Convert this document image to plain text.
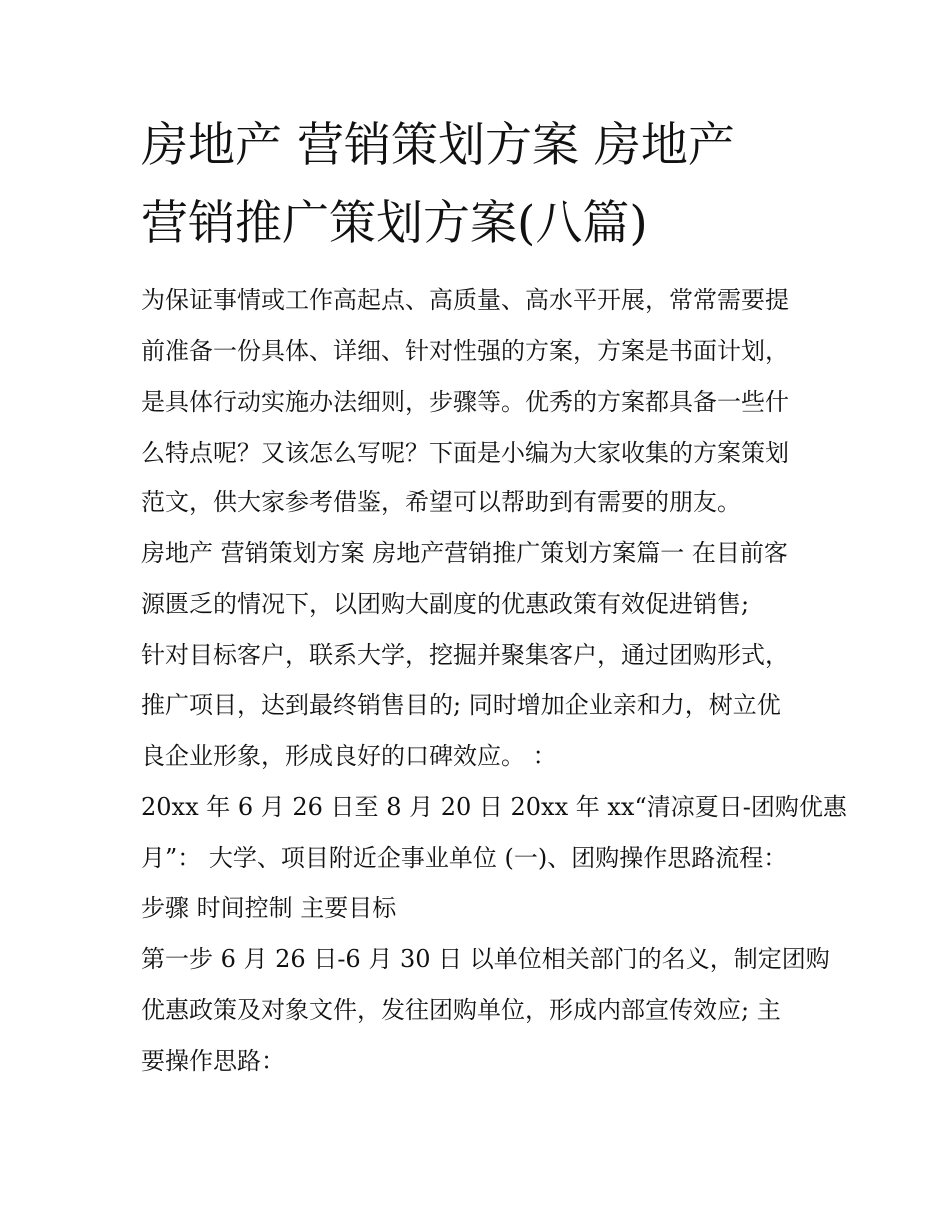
房地产 营销策划方案 房地产
营销推广策划方案(八篇)

为保证事情或工作高起点、高质量、高水平开展，常常需要提

前准备一份具体、详细、针对性强的方案，方案是书面计划，

是具体行动实施办法细则，步骤等。优秀的方案都具备一些什

么特点呢？又该怎么写呢？下面是小编为大家收集的方案策划

范文，供大家参考借鉴，希望可以帮助到有需要的朋友。

房地产 营销策划方案 房地产营销推广策划方案篇一 在目前客

源匮乏的情况下，以团购大副度的优惠政策有效促进销售;

针对目标客户，联系大学，挖掘并聚集客户，通过团购形式，

推广项目，达到最终销售目的; 同时增加企业亲和力，树立优

良企业形象，形成良好的口碑效应。 ：

20xx 年 6 月 26 日至 8 月 20 日 20xx 年 xx“清凉夏日-团购优惠

月”： 大学、项目附近企事业单位 (一)、团购操作思路流程：

步骤 时间控制 主要目标

第一步 6 月 26 日-6 月 30 日 以单位相关部门的名义，制定团购

优惠政策及对象文件，发往团购单位，形成内部宣传效应; 主

要操作思路：
